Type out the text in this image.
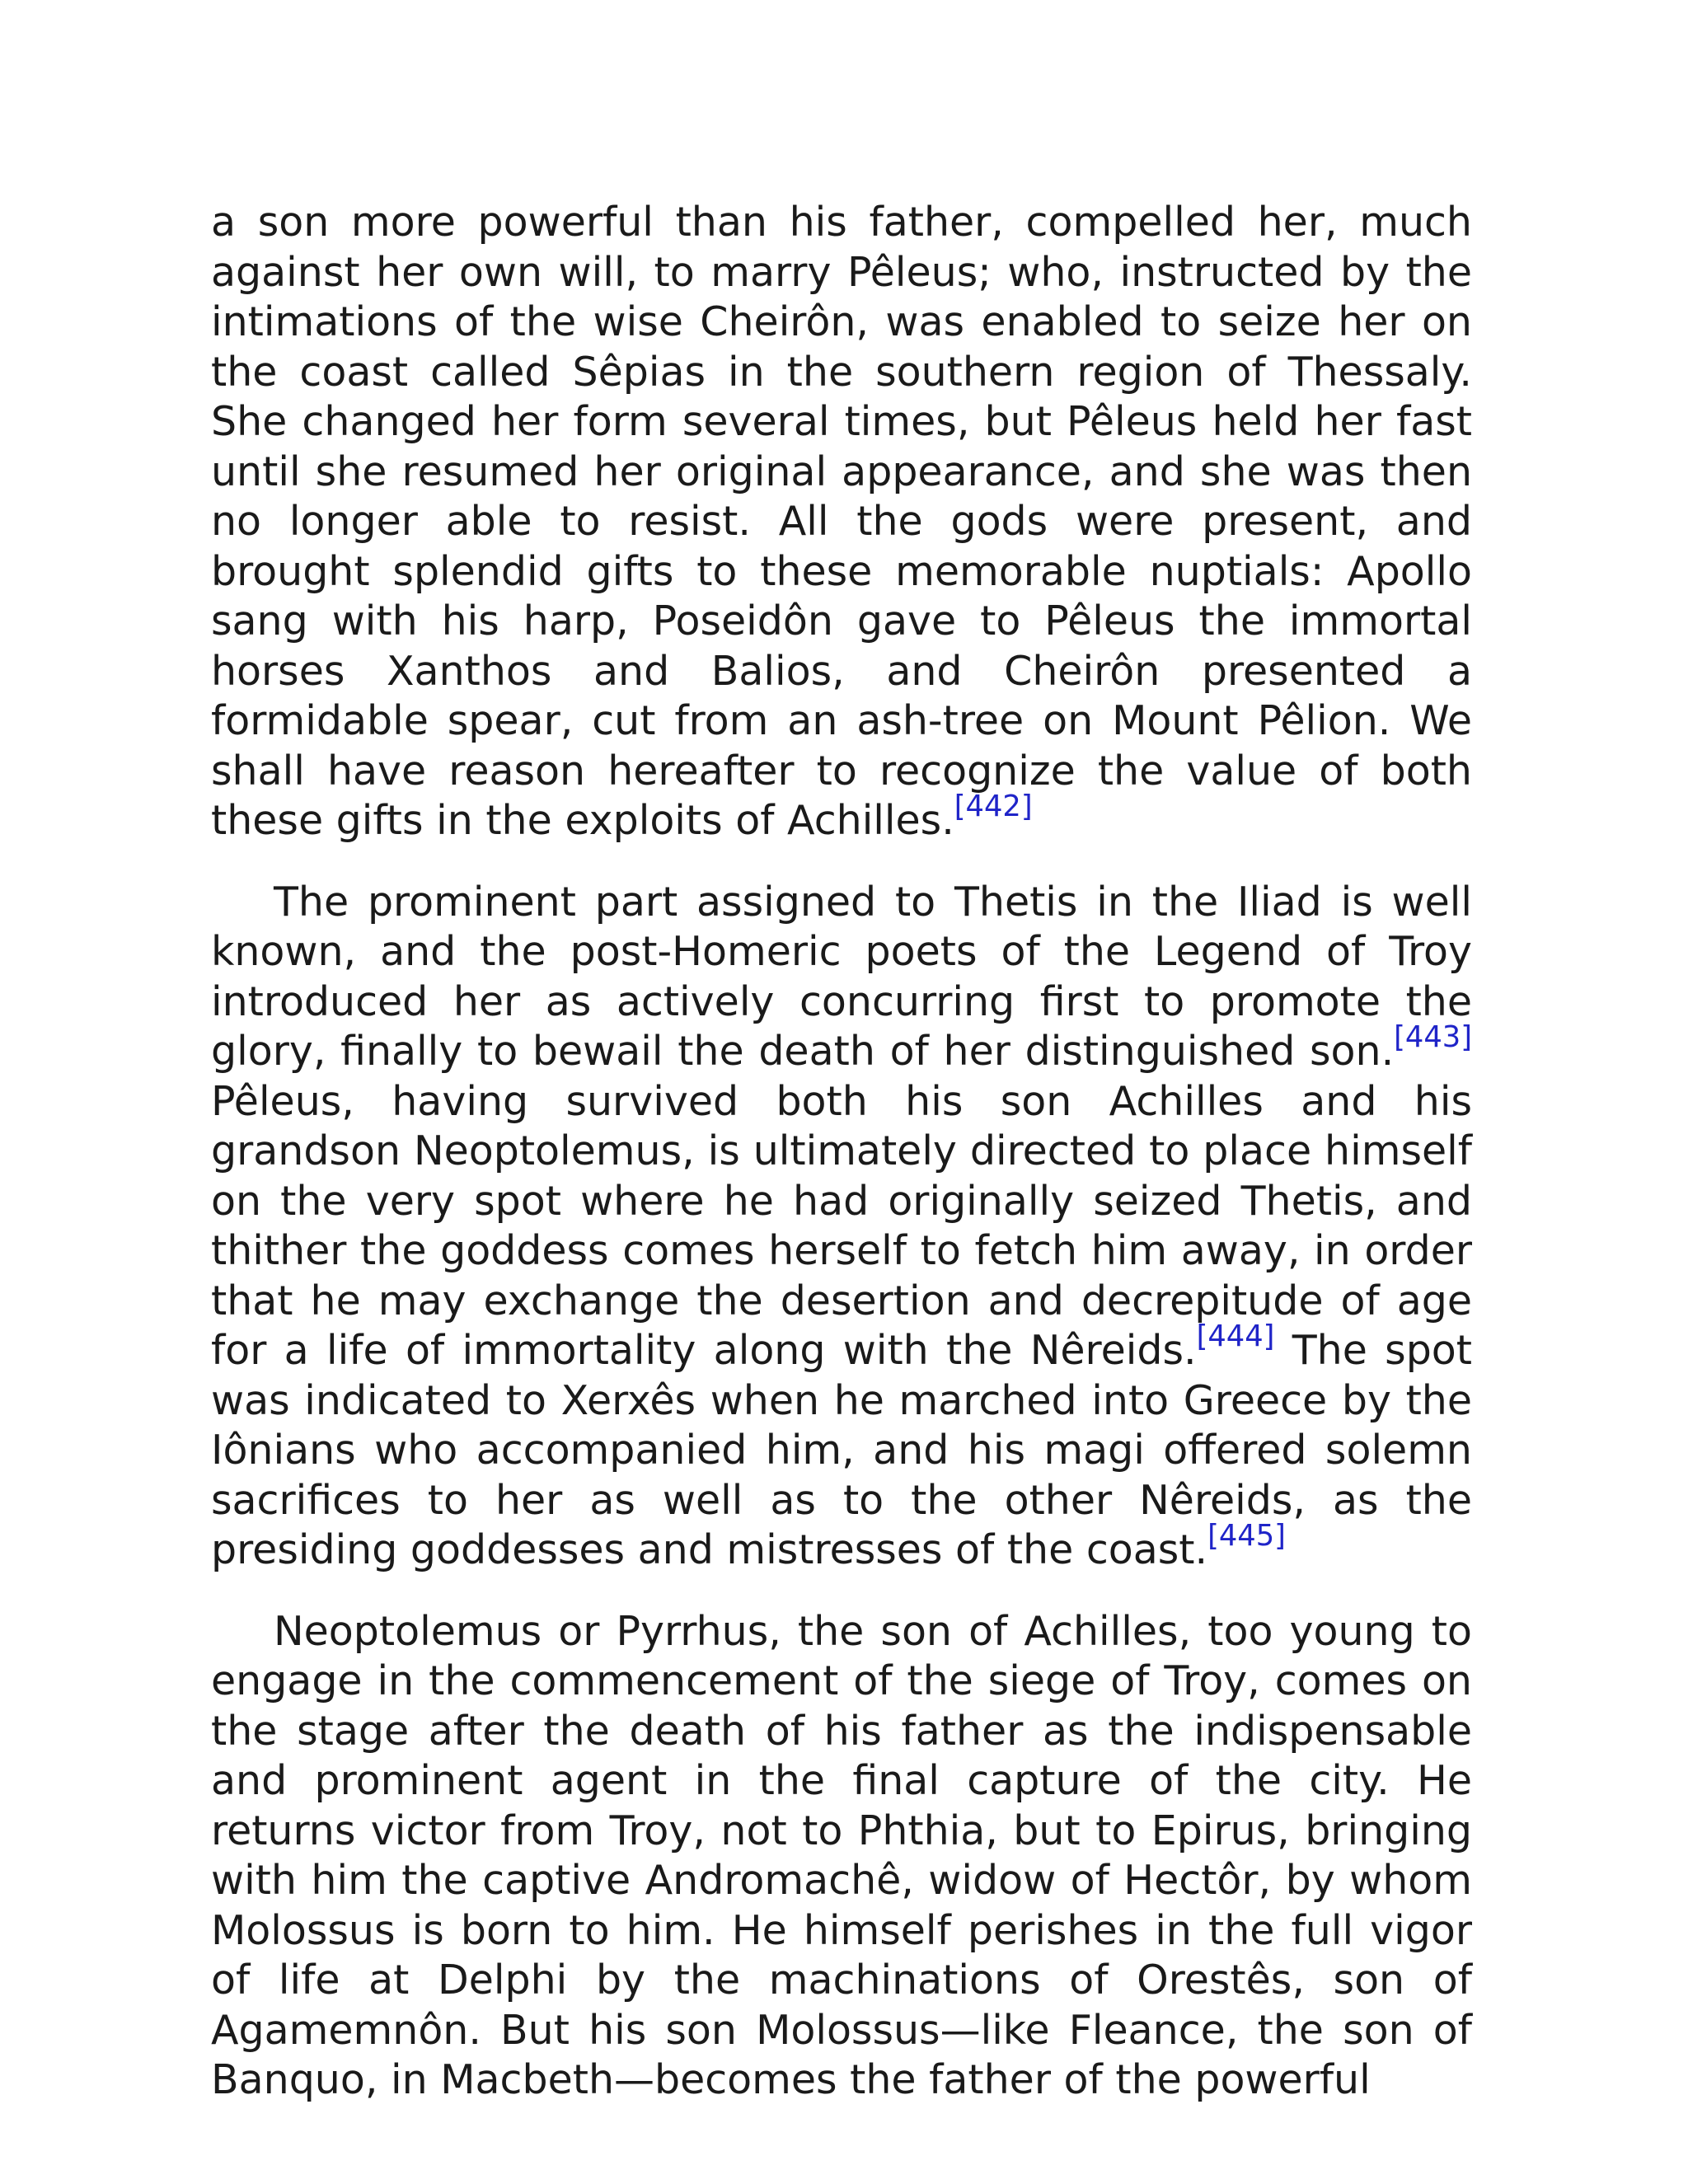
a son more powerful than his father, compelled her, much against her own will, to marry Pêleus; who, instructed by the intimations of the wise Cheirôn, was enabled to seize her on the coast called Sêpias in the southern region of Thessaly. She changed her form several times, but Pêleus held her fast until she resumed her original appearance, and she was then no longer able to resist. All the gods were present, and brought splendid gifts to these memorable nuptials: Apollo sang with his harp, Poseidôn gave to Pêleus the immortal horses Xanthos and Balios, and Cheirôn presented a formidable spear, cut from an ash-tree on Mount Pêlion. We shall have reason hereafter to recognize the value of both these gifts in the exploits of Achilles.[442]

The prominent part assigned to Thetis in the Iliad is well known, and the post-Homeric poets of the Legend of Troy introduced her as actively concurring first to promote the glory, finally to bewail the death of her distinguished son.[443] Pêleus, having survived both his son Achilles and his grandson Neoptolemus, is ultimately directed to place himself on the very spot where he had originally seized Thetis, and thither the goddess comes herself to fetch him away, in order that he may exchange the desertion and decrepitude of age for a life of immortality along with the Nêreids.[444] The spot was indicated to Xerxês when he marched into Greece by the Iônians who accompanied him, and his magi offered solemn sacrifices to her as well as to the other Nêreids, as the presiding goddesses and mistresses of the coast.[445]

Neoptolemus or Pyrrhus, the son of Achilles, too young to engage in the commencement of the siege of Troy, comes on the stage after the death of his father as the indispensable and prominent agent in the final capture of the city. He returns victor from Troy, not to Phthia, but to Epirus, bringing with him the captive Andromachê, widow of Hectôr, by whom Molossus is born to him. He himself perishes in the full vigor of life at Delphi by the machinations of Orestês, son of Agamemnôn. But his son Molossus—like Fleance, the son of Banquo, in Macbeth—becomes the father of the powerful
